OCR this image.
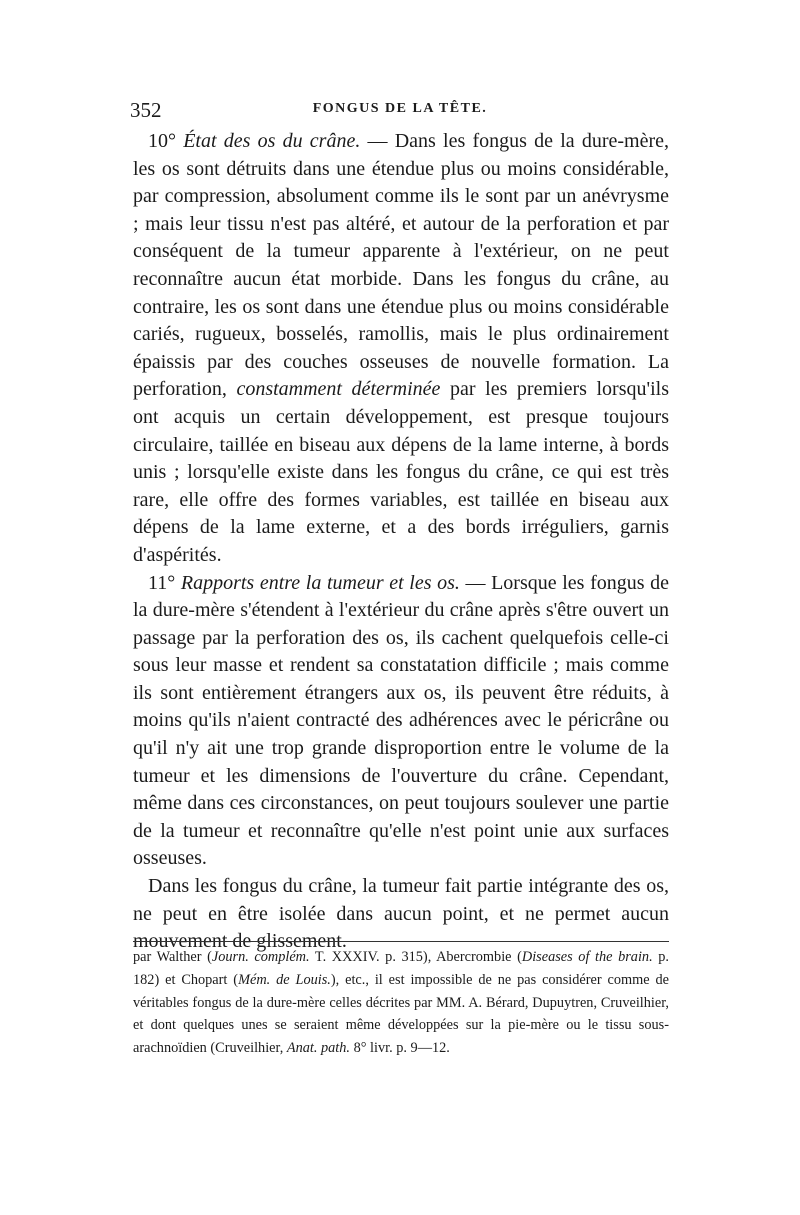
352	FONGUS DE LA TÊTE.

10° État des os du crâne. — Dans les fongus de la dure-mère, les os sont détruits dans une étendue plus ou moins considérable, par compression, absolument comme ils le sont par un anévrysme ; mais leur tissu n'est pas altéré, et autour de la perforation et par conséquent de la tumeur apparente à l'extérieur, on ne peut reconnaître aucun état morbide. Dans les fongus du crâne, au contraire, les os sont dans une étendue plus ou moins considérable cariés, rugueux, bosselés, ramollis, mais le plus ordinairement épaissis par des couches osseuses de nouvelle formation. La perforation, constamment déterminée par les premiers lorsqu'ils ont acquis un certain développement, est presque toujours circulaire, taillée en biseau aux dépens de la lame interne, à bords unis ; lorsqu'elle existe dans les fongus du crâne, ce qui est très rare, elle offre des formes variables, est taillée en biseau aux dépens de la lame externe, et a des bords irréguliers, garnis d'aspérités.

11° Rapports entre la tumeur et les os. — Lorsque les fongus de la dure-mère s'étendent à l'extérieur du crâne après s'être ouvert un passage par la perforation des os, ils cachent quelquefois celle-ci sous leur masse et rendent sa constatation difficile ; mais comme ils sont entièrement étrangers aux os, ils peuvent être réduits, à moins qu'ils n'aient contracté des adhérences avec le péricrâne ou qu'il n'y ait une trop grande disproportion entre le volume de la tumeur et les dimensions de l'ouverture du crâne. Cependant, même dans ces circonstances, on peut toujours soulever une partie de la tumeur et reconnaître qu'elle n'est point unie aux surfaces osseuses.

Dans les fongus du crâne, la tumeur fait partie intégrante des os, ne peut en être isolée dans aucun point, et ne permet aucun mouvement de glissement.

par Walther (Journ. complém. T. XXXIV. p. 315), Abercrombie (Diseases of the brain. p. 182) et Chopart (Mém. de Louis.), etc., il est impossible de ne pas considérer comme de véritables fongus de la dure-mère celles décrites par MM. A. Bérard, Dupuytren, Cruveilhier, et dont quelques unes se seraient même développées sur la pie-mère ou le tissu sous-arachnoïdien (Cruveilhier, Anat. path. 8° livr. p. 9—12.
